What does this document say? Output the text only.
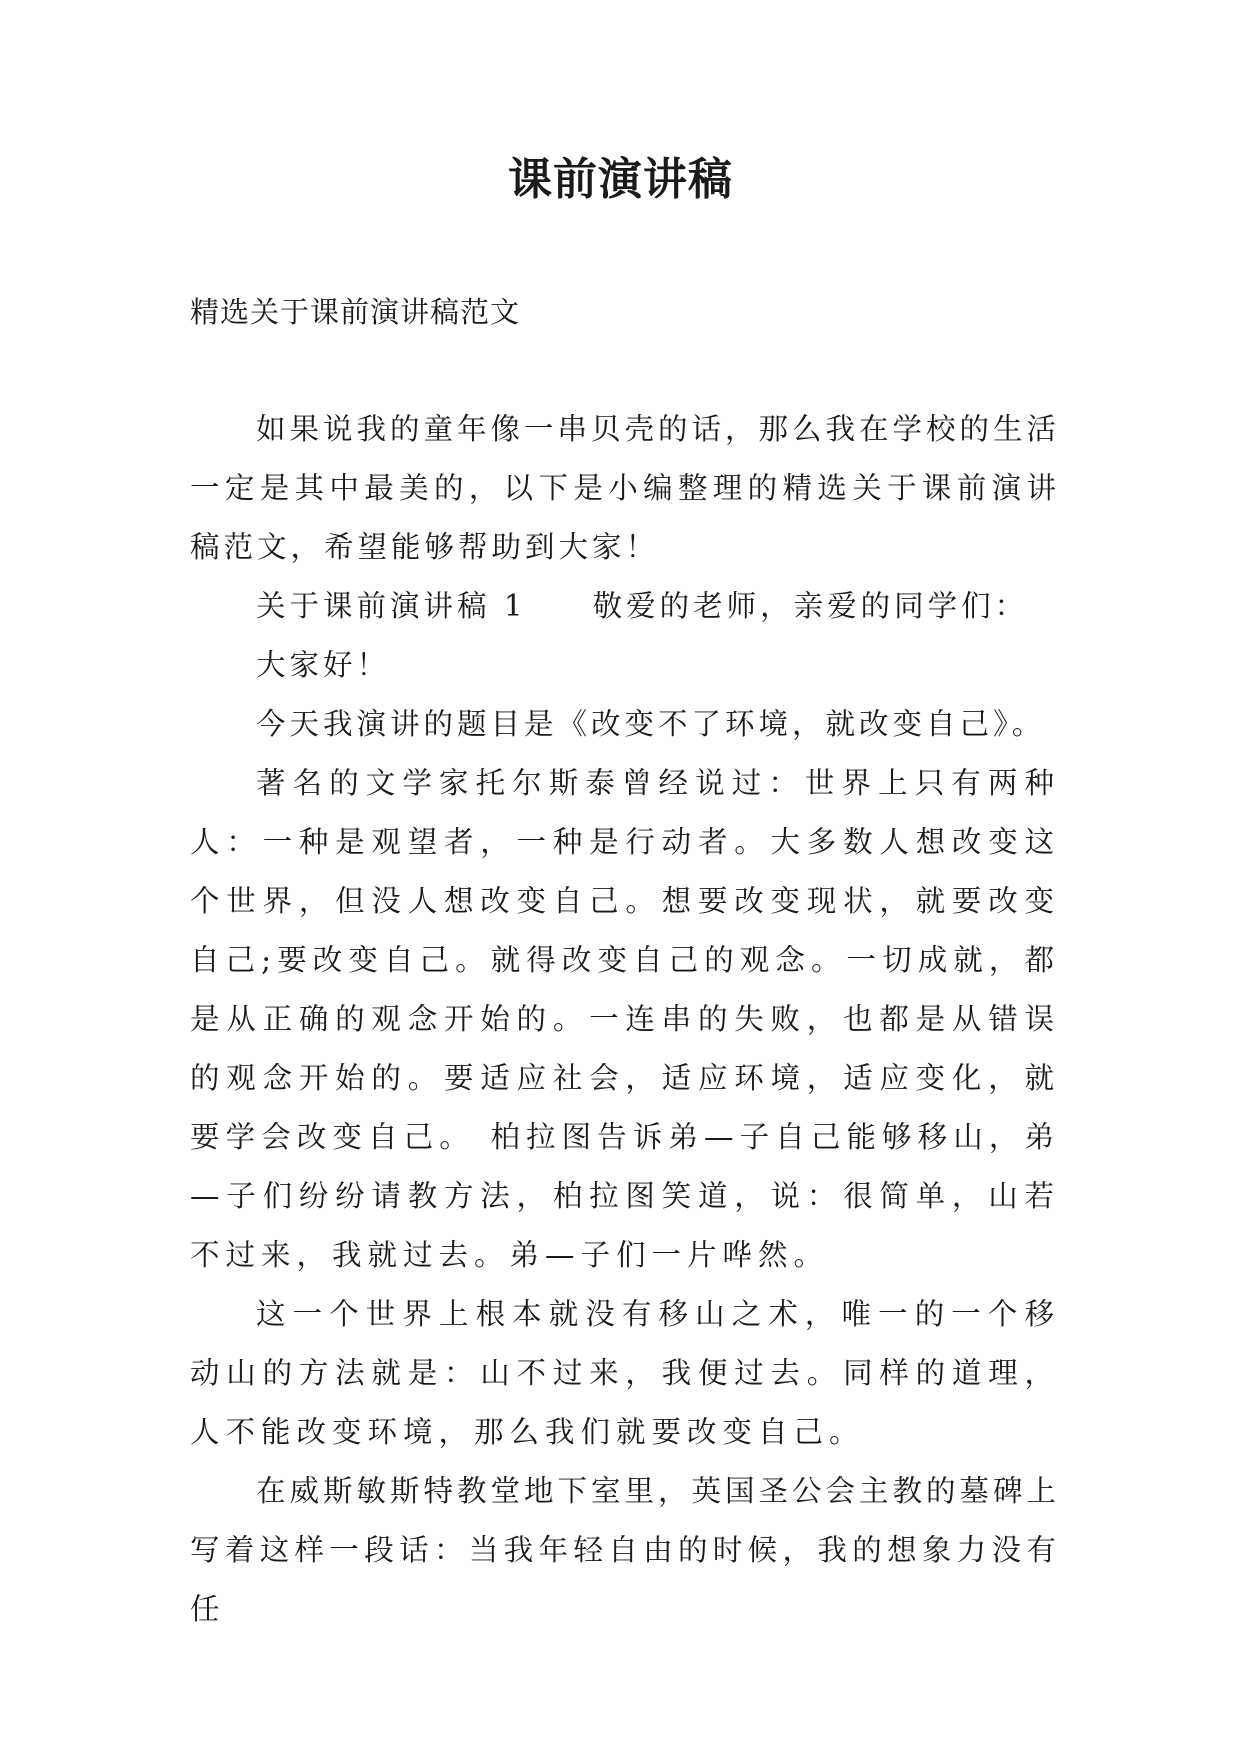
课前演讲稿
精选关于课前演讲稿范文

如果说我的童年像一串贝壳的话，那么我在学校的生活一定是其中最美的，以下是小编整理的精选关于课前演讲稿范文，希望能够帮助到大家！

关于课前演讲稿 1 敬爱的老师，亲爱的同学们：

大家好！

今天我演讲的题目是《改变不了环境，就改变自己》。

著名的文学家托尔斯泰曾经说过：世界上只有两种人：一种是观望者，一种是行动者。大多数人想改变这个世界，但没人想改变自己。想要改变现状，就要改变自己;要改变自己。就得改变自己的观念。一切成就，都是从正确的观念开始的。一连串的失败，也都是从错误的观念开始的。要适应社会，适应环境，适应变化，就要学会改变自己。 柏拉图告诉弟—子自己能够移山，弟—子们纷纷请教方法，柏拉图笑道，说：很简单，山若不过来，我就过去。弟—子们一片哗然。

这一个世界上根本就没有移山之术，唯一的一个移动山的方法就是：山不过来，我便过去。同样的道理，人不能改变环境，那么我们就要改变自己。

在威斯敏斯特教堂地下室里，英国圣公会主教的墓碑上写着这样一段话：当我年轻自由的时候，我的想象力没有任
